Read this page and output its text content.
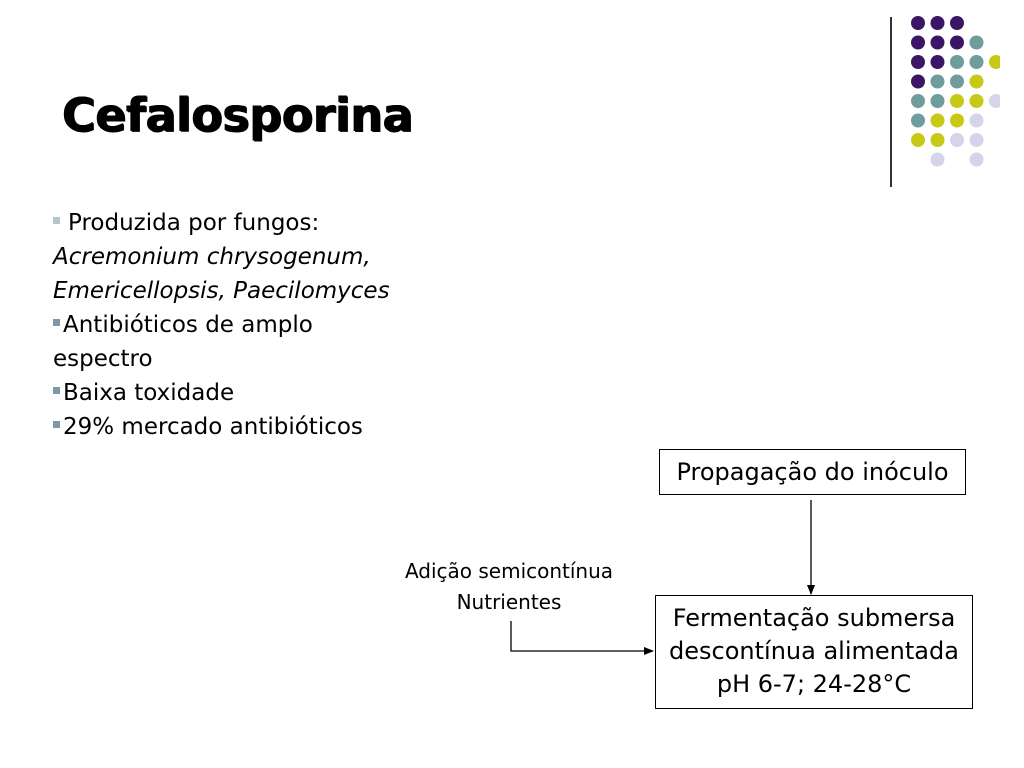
Cefalosporina

Produzida por fungos:

Acremonium chrysogenum,

Emericellopsis, Paecilomyces

Antibióticos de amplo

espectro

Baixa toxidade

29% mercado antibióticos

Propagação do inóculo
Fermentação submersa
descontínua alimentada
pH 6-7; 24-28°C
Adição semicontínua
Nutrientes
